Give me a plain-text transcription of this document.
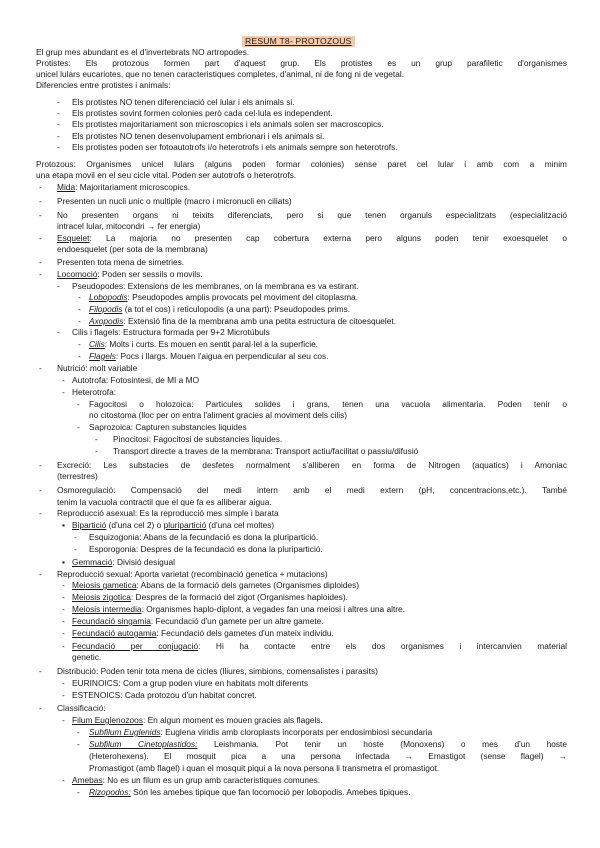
RESUM T8- PROTOZOUS
El grup mes abundant es el d'invertebrats NO artropodes.
Protistes: Els protozous formen part d'aquest grup. Els protistes es un grup parafiletic d'organismes
unicel lulars eucariotes, que no tenen caracteristiques completes, d'animal, ni de fong ni de vegetal.
Diferencies entre protistes i animals:
- Els protistes NO tenen diferenciació cel lular i els animals si.
- Els protistes sovint formen colonies però cada cel·lula es independent.
- Els protistes majoritariament son microscopics i els animals solen ser macroscopics.
- Els protistes NO tenen desenvolupament embrionari i els animals si.
- Els protistes poden ser fotoautotrofs i/o heterotrofs i els animals sempre son heterotrofs.
Protozous: Organismes unicel lulars (alguns poden formar colonies) sense paret cel lular i amb com a minim
una etapa movil en el seu cicle vital. Poden ser autotrofs o heterotrofs.
- Mida: Majoritariament microscopics.
- Presenten un nucli unic o multiple (macro i micronucli en ciliats)
- No presenten organs ni teixits diferenciats, pero si que tenen organuls especialitzats (especialització
intracel lular, mitocondri → fer energia)
- Esquelet: La majoria no presenten cap cobertura externa pero alguns poden tenir exoesquelet o
endoesquelet (per sota de la membrana)
- Presenten tota mena de simetries.
- Locomoció: Poden ser sessils o movils.
- Pseudopodes: Extensions de les membranes, on la membrana es va estirant.
- Lobopodis: Pseudopodes amplis provocats pel moviment del citoplasma.
- Filopodis (a tot el cos) i reticulopodis (a una part): Pseudopodes prims.
- Axopodis: Extensió fina de la membrana amb una petita estructura de citoesquelet.
- Cilis i flagels: Estructura formada per 9+2 Microtúbuls
- Cilis: Molts i curts. Es mouen en sentit paral·lel a la superficie.
- Flagels: Pocs i llargs. Mouen l'aigua en perpendicular al seu cos.
- Nutrició: molt variable
- Autotrofa: Fotosintesi, de MI a MO
- Heterotrofa:
- Fagocitosi o holozoica: Particules solides i grans, tenen una vacuola alimentaria. Poden tenir o
no citostoma (lloc per on entra l'aliment gracies al moviment dels cilis)
- Saprozoica: Capturen substancies liquides
- Pinocitosi: Fagocitosi de substancies liquides.
- Transport directe a traves de la membrana: Transport actiu/facilitat o passiu/difusió
- Excreció: Les substacies de desfetes normalment s'alliberen en forma de Nitrogen (aquatics) i Amoniac
(terrestres)
- Osmoregulació: Compensació del medi intern amb el medi extern (pH, concentracions,etc.). També
tenim la vacuola contractil que el que fa es alliberar aigua.
- Reproducció asexual: Es la reproducció mes simple i barata
▪ Bipartició (d'una cel 2) o pluripartició (d'una cel moltes)
- Esquizogonia: Abans de la fecundació es dona la pluripartició.
- Esporogonia: Despres de la fecundació es dona la pluripartició.
▪ Gemmació: Divisió desigual
- Reproducció sexual: Aporta varietat (recombinació genetica + mutacions)
- Meiosis gametica: Abans de la formació dels gametes (Organismes diploides)
- Meiosis zigotica: Despres de la formació del zigot (Organismes haploides).
- Meiosis intermedia: Organismes haplo-diplont, a vegades fan una meiosi i altres una altre.
- Fecundació singamia: Fecundació d'un gamete per un altre gamete.
- Fecundació autogamia: Fecundació dels gametes d'un mateix individu.
- Fecundació per conjugació: Hi ha contacte entre els dos organismes i intercanvien material
genetic.
- Distribució: Poden tenir tota mena de cicles (lliures, simbions, comensalistes i parasits)
- EURINOICS: Com a grup poden viure en habitats molt diferents
- ESTENOICS: Cada protozou d'un habitat concret.
- Classificació:
- Filum Euglenozoos: En algun moment es mouen gracies als flagels.
- Subfilum Euglenids: Euglena viridis amb cloroplasts incorporats per endosimbiosi secundaria
- Subfilum Cinetoplastidos: Leishmania. Pot tenir un hoste (Monoxens) o mes d'un hoste
(Heterohexens). El mosquit pica a una persona infectada → Emastigot (sense flagel) →
Promastigot (amb flagel) i quan el mosquit piqui a la nova persona li transmetra el promastigot.
- Amebas: No es un filum es un grup amb caracteristiques comunes.
- Rizopodos: Són les amebes tipique que fan locomoció per lobopodis. Amebes tipiques.
